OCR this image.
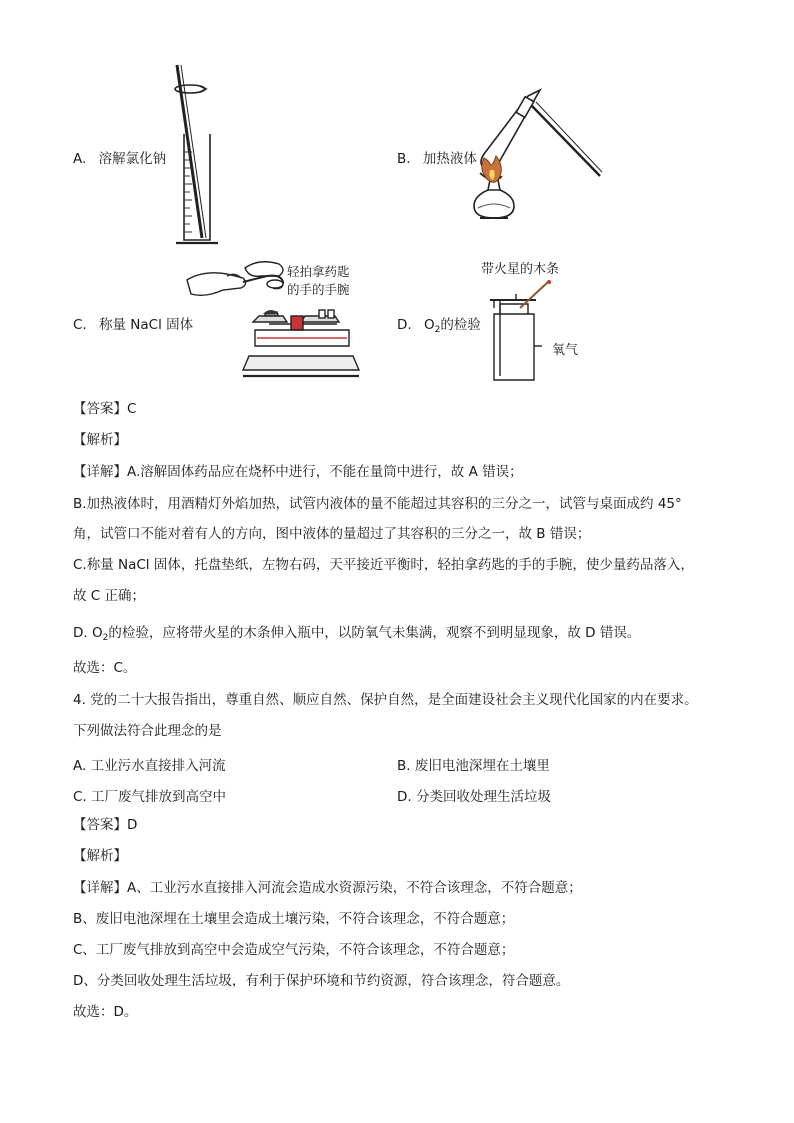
A. 溶解氯化钠	B. 加热液体
C. 称量 NaCl 固体
轻拍拿药匙
的手的手腕
D. $O_2$的检验
带火星的木条
氧气
【答案】C
【解析】
【详解】A.溶解固体药品应在烧杯中进行，不能在量筒中进行，故 A 错误；
B.加热液体时，用酒精灯外焰加热，试管内液体的量不能超过其容积的三分之一，试管与桌面成约 45°
角，试管口不能对着有人的方向，图中液体的量超过了其容积的三分之一，故 B 错误；
C.称量 NaCl 固体，托盘垫纸，左物右码，天平接近平衡时，轻拍拿药匙的手的手腕，使少量药品落入，
故 C 正确；
D. $O_2$的检验，应将带火星的木条伸入瓶中，以防氧气未集满，观察不到明显现象，故 D 错误。
故选：C。
4. 党的二十大报告指出，尊重自然、顺应自然、保护自然，是全面建设社会主义现代化国家的内在要求。
下列做法符合此理念的是
A. 工业污水直接排入河流	B. 废旧电池深埋在土壤里
C. 工厂废气排放到高空中	D. 分类回收处理生活垃圾
【答案】D
【解析】
【详解】A、工业污水直接排入河流会造成水资源污染，不符合该理念，不符合题意；
B、废旧电池深埋在土壤里会造成土壤污染，不符合该理念，不符合题意；
C、工厂废气排放到高空中会造成空气污染，不符合该理念，不符合题意；
D、分类回收处理生活垃圾，有利于保护环境和节约资源，符合该理念，符合题意。
故选：D。
